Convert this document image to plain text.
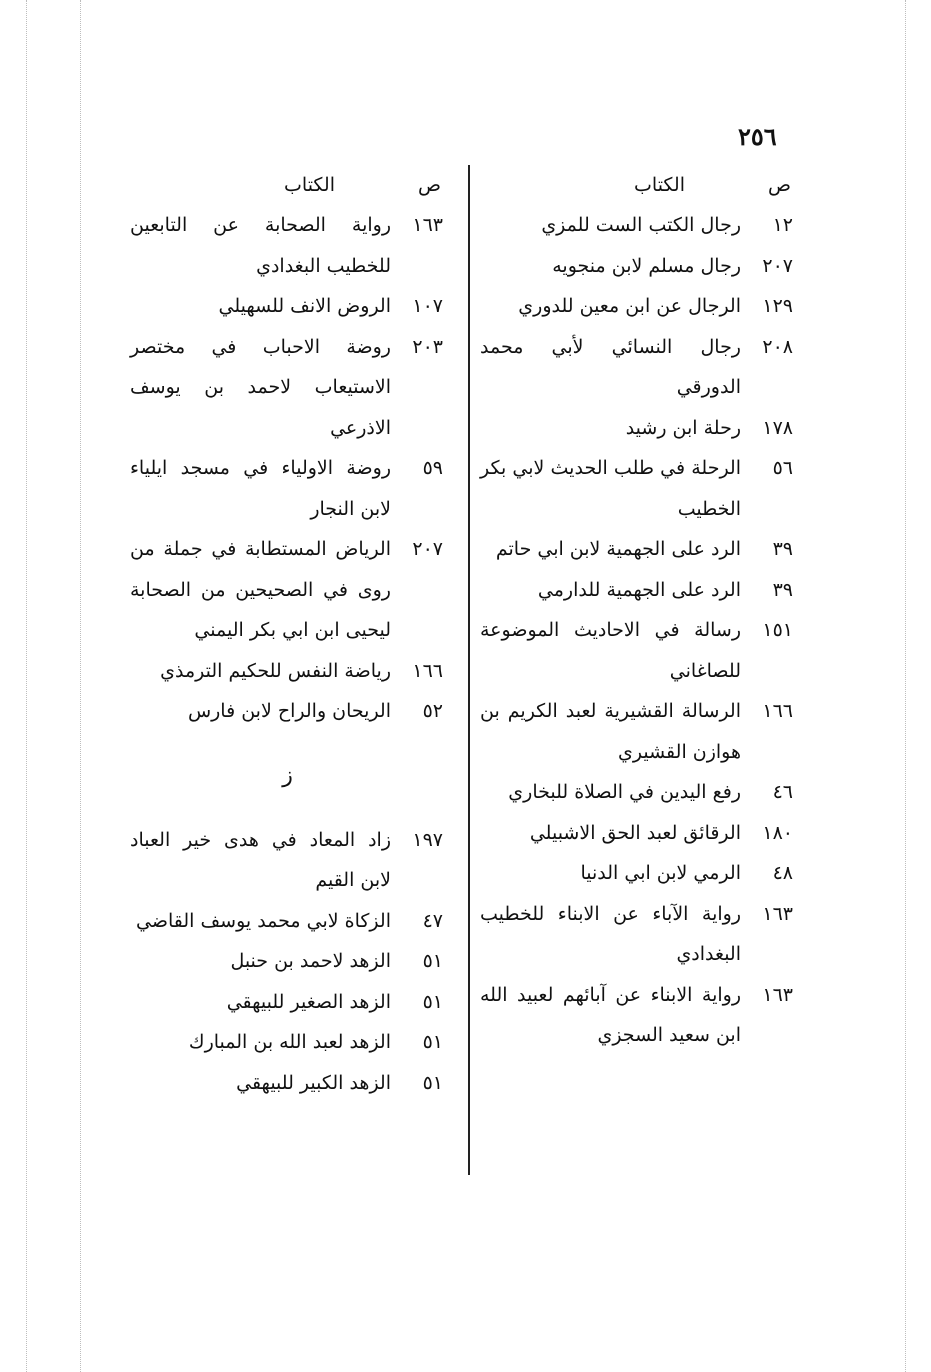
٢٥٦
ص
الكتاب
١٢
رجال الكتب الست للمزي
٢٠٧
رجال مسلم لابن منجويه
١٢٩
الرجال عن ابن معين للدوري
٢٠٨
رجال النسائي لأبي محمد الدورقي
١٧٨
رحلة ابن رشيد
٥٦
الرحلة في طلب الحديث لابي بكر الخطيب
٣٩
الرد على الجهمية لابن ابي حاتم
٣٩
الرد على الجهمية للدارمي
١٥١
رسالة في الاحاديث الموضوعة للصاغاني
١٦٦
الرسالة القشيرية لعبد الكريم بن هوازن القشيري
٤٦
رفع اليدين في الصلاة للبخاري
١٨٠
الرقائق لعبد الحق الاشبيلي
٤٨
الرمي لابن ابي الدنيا
١٦٣
رواية الآباء عن الابناء للخطيب البغدادي
١٦٣
رواية الابناء عن آبائهم لعبيد الله ابن سعيد السجزي
ص
الكتاب
١٦٣
رواية الصحابة عن التابعين للخطيب البغدادي
١٠٧
الروض الانف للسهيلي
٢٠٣
روضة الاحباب في مختصر الاستيعاب لاحمد بن يوسف الاذرعي
٥٩
روضة الاولياء في مسجد ايلياء لابن النجار
٢٠٧
الرياض المستطابة في جملة من روى في الصحيحين من الصحابة ليحيى ابن ابي بكر اليمني
١٦٦
رياضة النفس للحكيم الترمذي
٥٢
الريحان والراح لابن فارس
ز
١٩٧
زاد المعاد في هدى خير العباد لابن القيم
٤٧
الزكاة لابي محمد يوسف القاضي
٥١
الزهد لاحمد بن حنبل
٥١
الزهد الصغير للبيهقي
٥١
الزهد لعبد الله بن المبارك
٥١
الزهد الكبير للبيهقي
